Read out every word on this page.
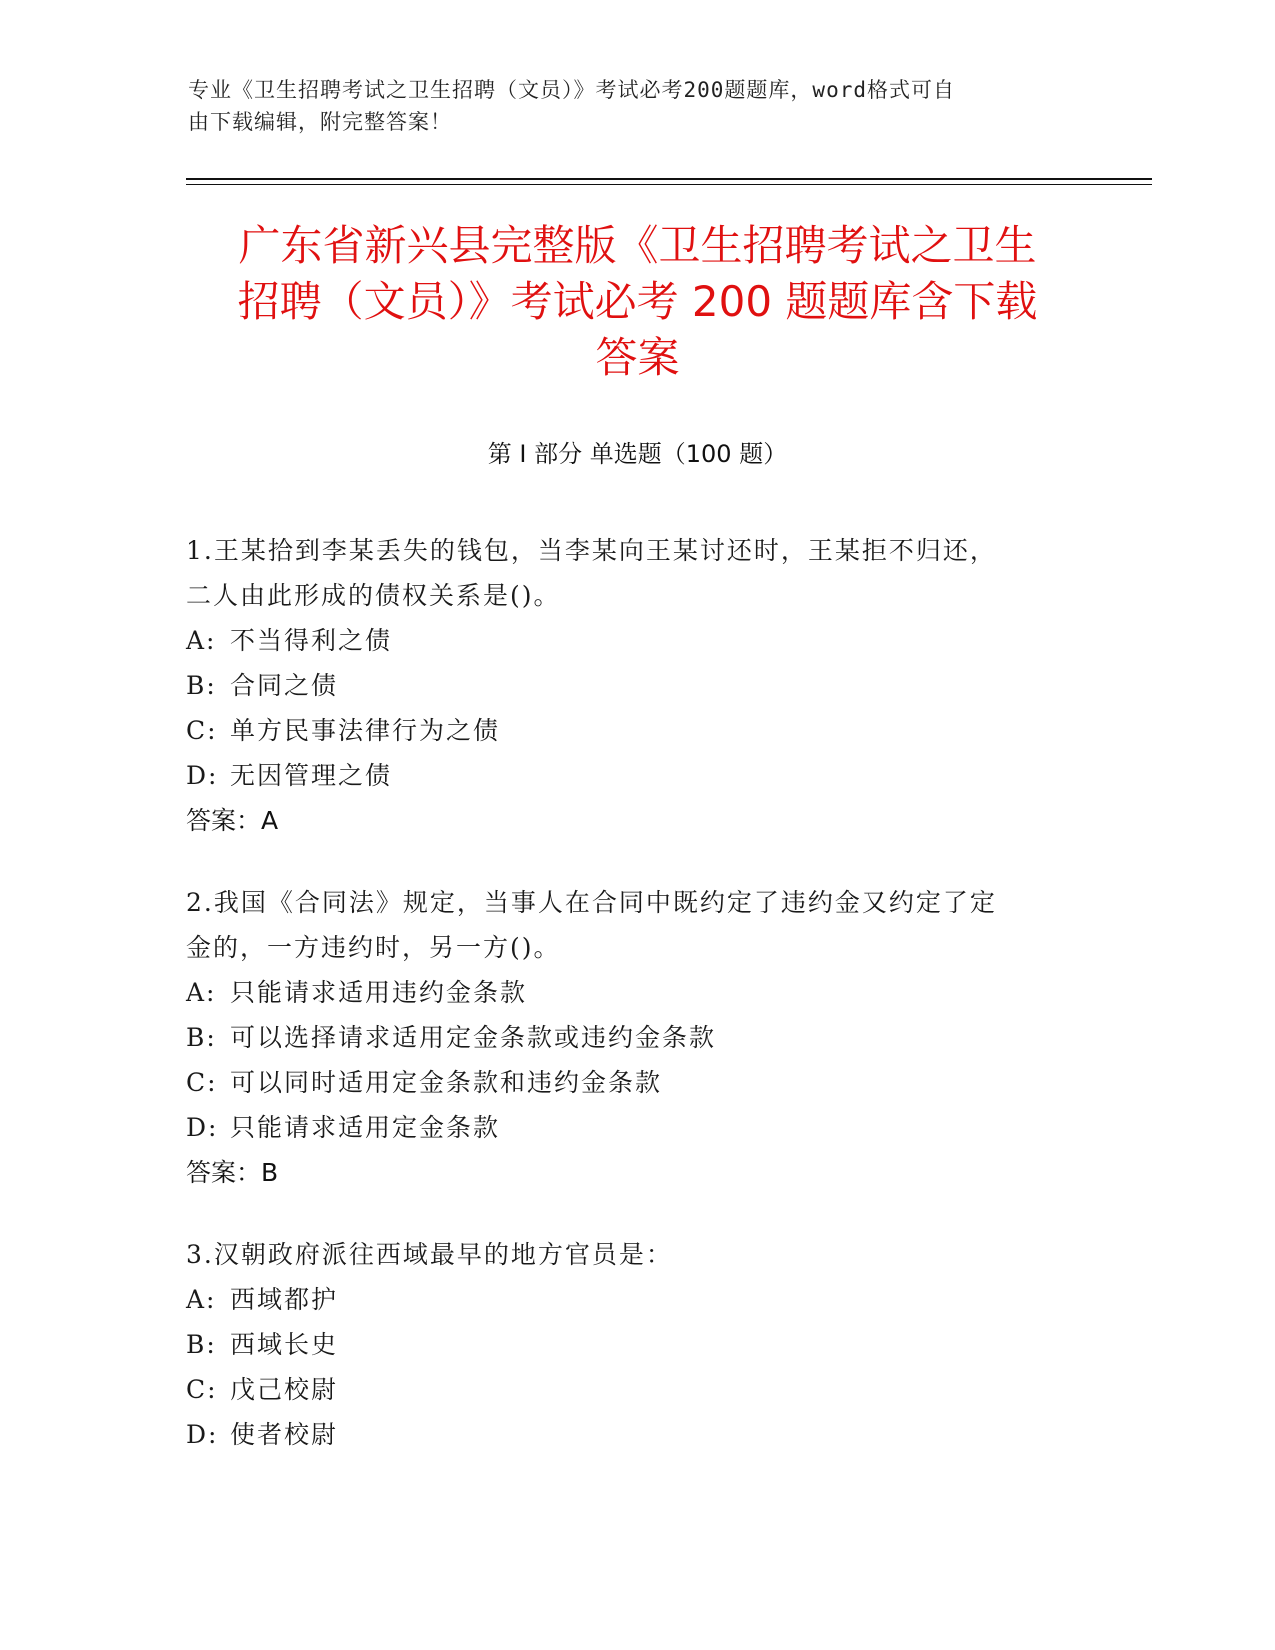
专业《卫生招聘考试之卫生招聘（文员）》考试必考200题题库，word格式可自
由下载编辑，附完整答案！
广东省新兴县完整版《卫生招聘考试之卫生
招聘（文员）》考试必考 200 题题库含下载
答案
第 I 部分 单选题（100 题）
1.王某拾到李某丢失的钱包，当李某向王某讨还时，王某拒不归还，
二人由此形成的债权关系是()。
A: 不当得利之债
B: 合同之债
C: 单方民事法律行为之债
D: 无因管理之债
答案：A
2.我国《合同法》规定，当事人在合同中既约定了违约金又约定了定
金的，一方违约时，另一方()。
A: 只能请求适用违约金条款
B: 可以选择请求适用定金条款或违约金条款
C: 可以同时适用定金条款和违约金条款
D: 只能请求适用定金条款
答案：B
3.汉朝政府派往西域最早的地方官员是：
A: 西域都护
B: 西域长史
C: 戊己校尉
D: 使者校尉
